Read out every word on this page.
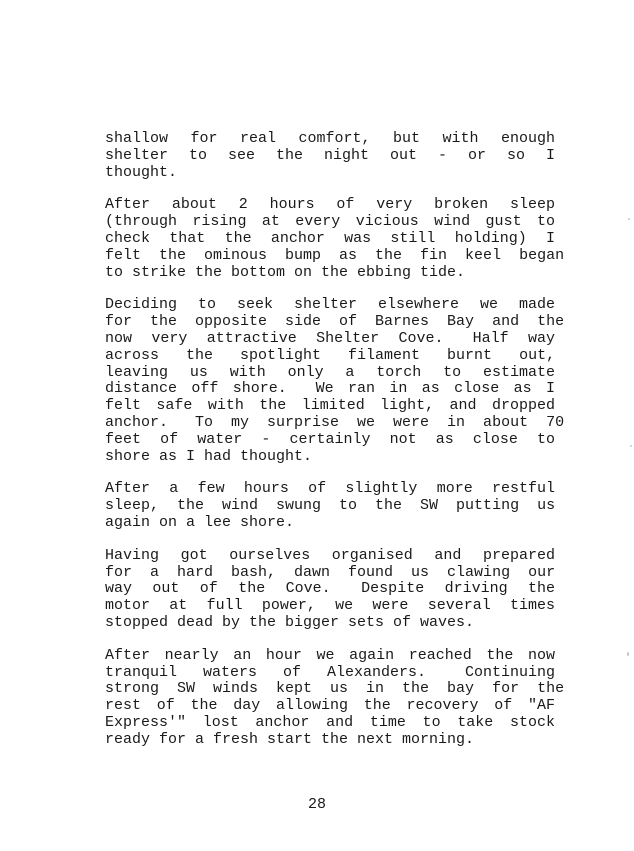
shallow  for  real  comfort,  but  with  enough
shelter  to  see  the  night  out  -  or  so  I
thought.

After  about  2  hours  of  very  broken  sleep
(through rising at every vicious wind gust to
check  that  the  anchor  was  still  holding)  I
felt  the  ominous  bump  as  the  fin  keel  began
to strike the bottom on the ebbing tide.

Deciding  to  seek  shelter  elsewhere  we  made
for  the  opposite  side  of  Barnes  Bay  and  the
now  very  attractive  Shelter  Cove.   Half  way
across   the   spotlight   filament   burnt   out,
leaving  us  with  only  a  torch  to  estimate
distance off shore.  We ran in as close as I
felt safe with the limited light, and dropped
anchor.   To  my  surprise  we  were  in  about  70
feet  of  water  -  certainly  not  as  close  to
shore as I had thought.

After  a  few  hours  of  slightly  more  restful
sleep,  the  wind  swung  to  the  SW  putting  us
again on a lee shore.

Having  got  ourselves  organised  and  prepared
for  a  hard  bash,  dawn  found  us  clawing  our
way  out  of  the  Cove.   Despite  driving  the
motor  at  full  power,  we  were  several  times
stopped dead by the bigger sets of waves.

After nearly an hour we again reached the now
tranquil  waters  of  Alexanders.   Continuing
strong  SW  winds  kept  us  in  the  bay  for  the
rest of the day allowing the recovery of "AF
Express'" lost anchor and time to take stock
ready for a fresh start the next morning.

28
